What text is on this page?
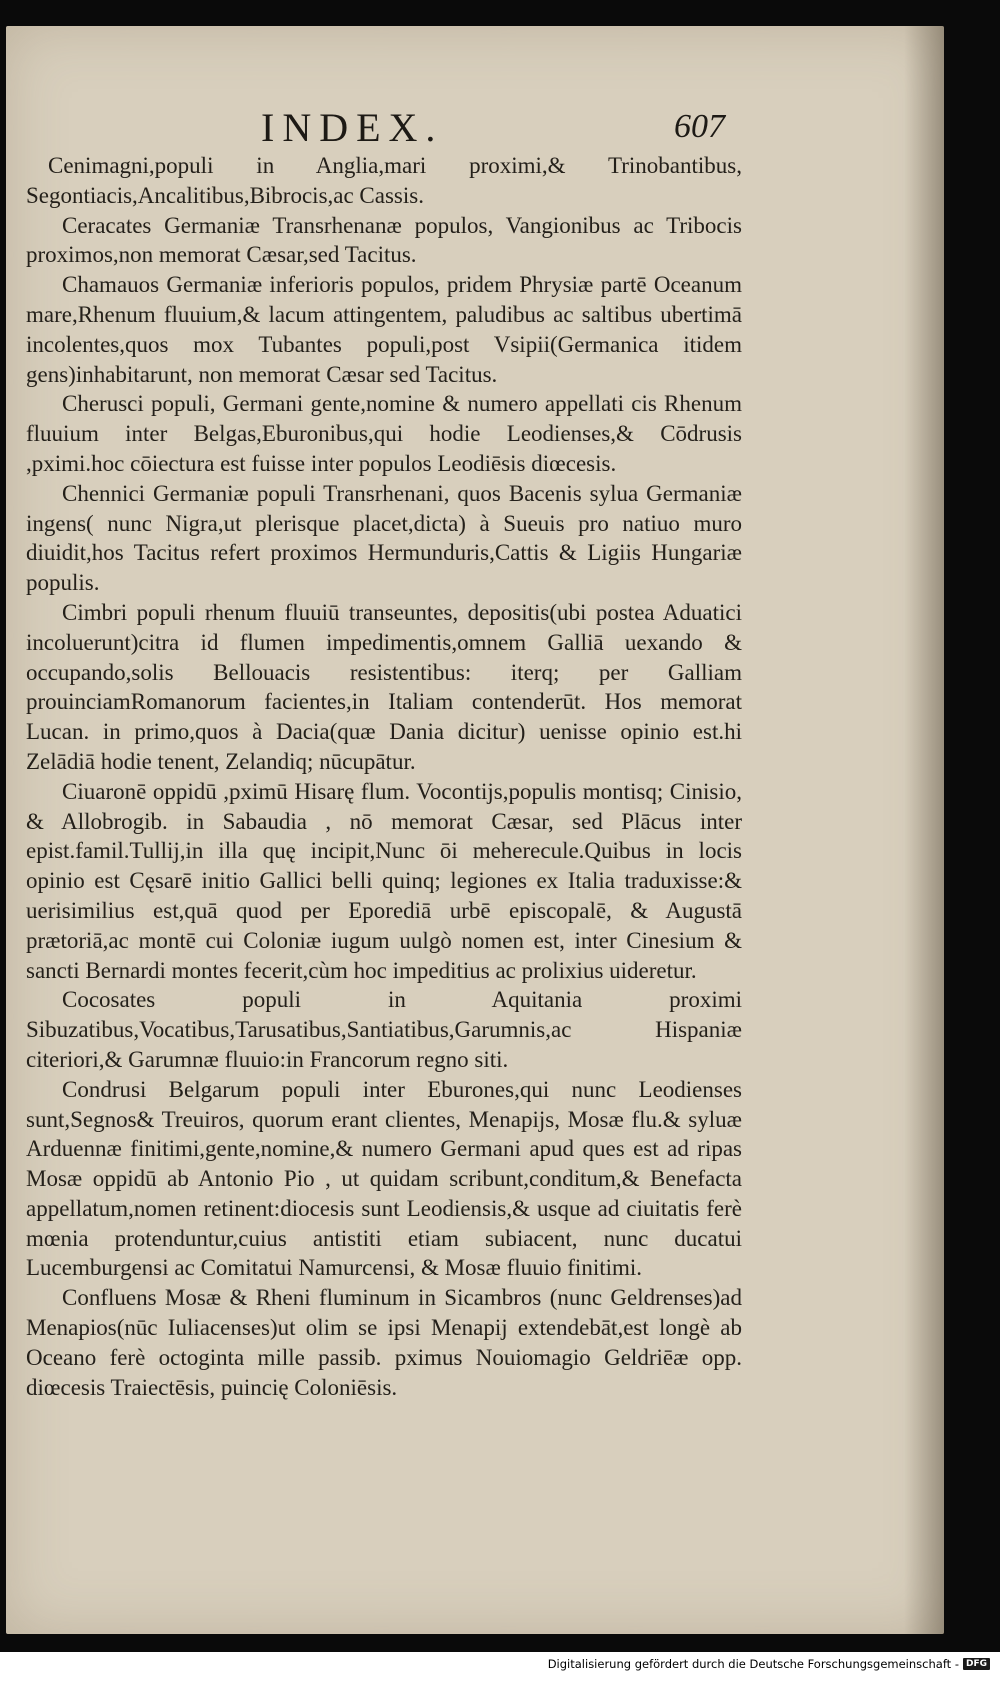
INDEX.	607

Cenimagni,populi in Anglia,mari proximi,& Trinobantibus, Segontiacis,Ancalitibus,Bibrocis,ac Cassis.

Ceracates Germaniæ Transrhenanæ populos, Vangionibus ac Tribocis proximos,non memorat Cæsar,sed Tacitus.

Chamauos Germaniæ inferioris populos, pridem Phrysiæ partē Oceanum mare,Rhenum fluuium,& lacum attingentem, paludibus ac saltibus ubertimā incolentes,quos mox Tubantes populi,post Vsipii(Germanica itidem gens)inhabitarunt, non memorat Cæsar sed Tacitus.

Cherusci populi, Germani gente,nomine & numero appellati cis Rhenum fluuium inter Belgas,Eburonibus,qui hodie Leodienses,& Cōdrusis ,pximi.hoc cōiectura est fuisse inter populos Leodiēsis diœcesis.

Chennici Germaniæ populi Transrhenani, quos Bacenis sylua Germaniæ ingens( nunc Nigra,ut plerisque placet,dicta) à Sueuis pro natiuo muro diuidit,hos Tacitus refert proximos Hermunduris,Cattis & Ligiis Hungariæ populis.

Cimbri populi rhenum fluuiū transeuntes, depositis(ubi postea Aduatici incoluerunt)citra id flumen impedimentis,omnem Galliā uexando & occupando,solis Bellouacis resistentibus: iterq; per Galliam prouinciamRomanorum facientes,in Italiam contenderūt. Hos memorat Lucan. in primo,quos à Dacia(quæ Dania dicitur) uenisse opinio est.hi Zelādiā hodie tenent, Zelandiq; nūcupātur.

Ciuaronē oppidū ,pximū Hisarę flum. Vocontijs,populis montisq; Cinisio, & Allobrogib. in Sabaudia , nō memorat Cæsar, sed Plācus inter epist.famil.Tullij,in illa quę incipit,Nunc ōi meherecule.Quibus in locis opinio est Cęsarē initio Gallici belli quinq; legiones ex Italia traduxisse:& uerisimilius est,quā quod per Eporediā urbē episcopalē, & Augustā prætoriā,ac montē cui Coloniæ iugum uulgò nomen est, inter Cinesium & sancti Bernardi montes fecerit,cùm hoc impeditius ac prolixius uideretur.

Cocosates populi in Aquitania proximi Sibuzatibus,Vocatibus,Tarusatibus,Santiatibus,Garumnis,ac Hispaniæ citeriori,& Garumnæ fluuio:in Francorum regno siti.

Condrusi Belgarum populi inter Eburones,qui nunc Leodienses sunt,Segnos& Treuiros, quorum erant clientes, Menapijs, Mosæ flu.& syluæ Arduennæ finitimi,gente,nomine,& numero Germani apud ques est ad ripas Mosæ oppidū ab Antonio Pio , ut quidam scribunt,conditum,& Benefacta appellatum,nomen retinent:diocesis sunt Leodiensis,& usque ad ciuitatis ferè mœnia protenduntur,cuius antistiti etiam subiacent, nunc ducatui Lucemburgensi ac Comitatui Namurcensi, & Mosæ fluuio finitimi.

Confluens Mosæ & Rheni fluminum in Sicambros (nunc Geldrenses)ad Menapios(nūc Iuliacenses)ut olim se ipsi Menapij extendebāt,est longè ab Oceano ferè octoginta mille passib. pximus Nouiomagio Geldriēæ opp. diœcesis Traiectēsis, puincię Coloniēsis.

Digitalisierung gefördert durch die Deutsche Forschungsgemeinschaft - DFG
